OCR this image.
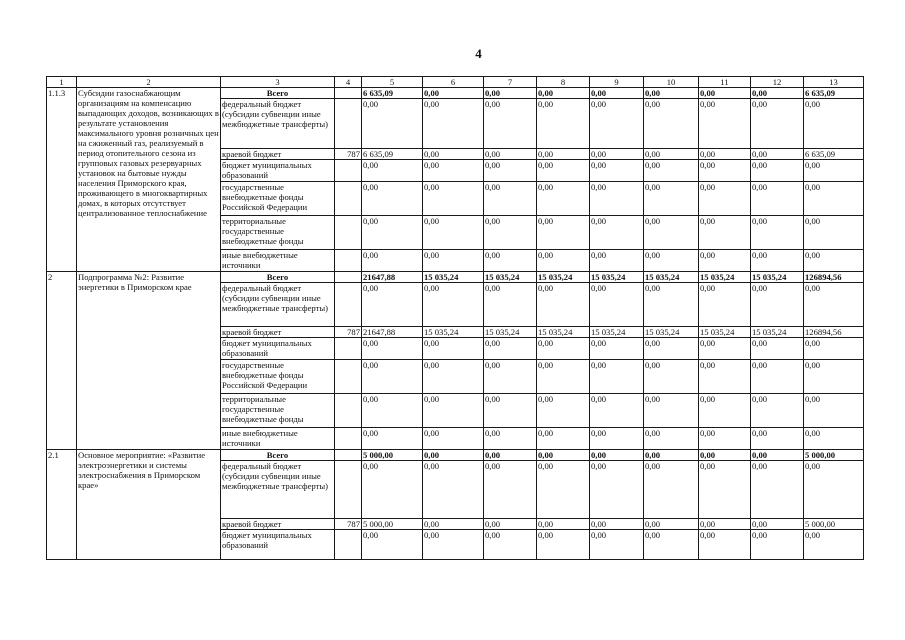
4
1	2	3	4	5	6	7	8	9	10	11	12	13
1.1.3	Субсидии газоснабжающим организациям на компенсацию выпадающих доходов, возникающих в результате установления максимального уровня розничных цен на сжиженный газ, реализуемый в период отопительного сезона из групповых газовых резервуарных установок на бытовые нужды населения Приморского края, проживающего в многоквартирных домах, в которых отсутствует централизованное теплоснабжение	Всего		6 635,09	0,00	0,00	0,00	0,00	0,00	0,00	0,00	6 635,09
		федеральный бюджет (субсидии субвенции иные межбюджетные трансферты)		0,00	0,00	0,00	0,00	0,00	0,00	0,00	0,00	0,00
		краевой бюджет	787	6 635,09	0,00	0,00	0,00	0,00	0,00	0,00	0,00	6 635,09
		бюджет муниципальных образований		0,00	0,00	0,00	0,00	0,00	0,00	0,00	0,00	0,00
		государственные внебюджетные фонды Российской Федерации		0,00	0,00	0,00	0,00	0,00	0,00	0,00	0,00	0,00
		территориальные государственные внебюджетные фонды		0,00	0,00	0,00	0,00	0,00	0,00	0,00	0,00	0,00
		иные внебюджетные источники		0,00	0,00	0,00	0,00	0,00	0,00	0,00	0,00	0,00
2	Подпрограмма №2: Развитие энергетики в Приморском крае	Всего		21647,88	15 035,24	15 035,24	15 035,24	15 035,24	15 035,24	15 035,24	15 035,24	126894,56
		федеральный бюджет (субсидии субвенции иные межбюджетные трансферты)		0,00	0,00	0,00	0,00	0,00	0,00	0,00	0,00	0,00
		краевой бюджет	787	21647,88	15 035,24	15 035,24	15 035,24	15 035,24	15 035,24	15 035,24	15 035,24	126894,56
		бюджет муниципальных образований		0,00	0,00	0,00	0,00	0,00	0,00	0,00	0,00	0,00
		государственные внебюджетные фонды Российской Федерации		0,00	0,00	0,00	0,00	0,00	0,00	0,00	0,00	0,00
		территориальные государственные внебюджетные фонды		0,00	0,00	0,00	0,00	0,00	0,00	0,00	0,00	0,00
		иные внебюджетные источники		0,00	0,00	0,00	0,00	0,00	0,00	0,00	0,00	0,00
2.1	Основное мероприятие: «Развитие электроэнергетики и системы электроснабжения в Приморском крае»	Всего		5 000,00	0,00	0,00	0,00	0,00	0,00	0,00	0,00	5 000,00
		федеральный бюджет (субсидии субвенции иные межбюджетные трансферты)		0,00	0,00	0,00	0,00	0,00	0,00	0,00	0,00	0,00
		краевой бюджет	787	5 000,00	0,00	0,00	0,00	0,00	0,00	0,00	0,00	5 000,00
		бюджет муниципальных образований		0,00	0,00	0,00	0,00	0,00	0,00	0,00	0,00	0,00
